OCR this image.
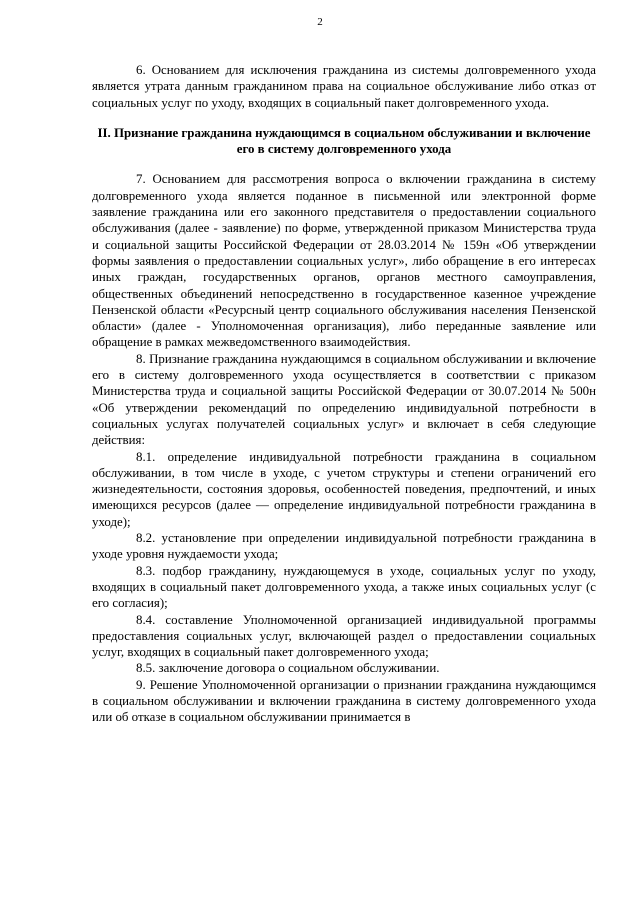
2

6. Основанием для исключения гражданина из системы долговременного ухода является утрата данным гражданином права на социальное обслуживание либо отказ от социальных услуг по уходу, входящих в социальный пакет долговременного ухода.

II. Признание гражданина нуждающимся в социальном обслуживании и включение его в систему долговременного ухода

7. Основанием для рассмотрения вопроса о включении гражданина в систему долговременного ухода является поданное в письменной или электронной форме заявление гражданина или его законного представителя о предоставлении социального обслуживания (далее - заявление) по форме, утвержденной приказом Министерства труда и социальной защиты Российской Федерации от 28.03.2014 № 159н «Об утверждении формы заявления о предоставлении социальных услуг», либо обращение в его интересах иных граждан, государственных органов, органов местного самоуправления, общественных объединений непосредственно в государственное казенное учреждение Пензенской области «Ресурсный центр социального обслуживания населения Пензенской области» (далее - Уполномоченная организация), либо переданные заявление или обращение в рамках межведомственного взаимодействия.

8. Признание гражданина нуждающимся в социальном обслуживании и включение его в систему долговременного ухода осуществляется в соответствии с приказом Министерства труда и социальной защиты Российской Федерации от 30.07.2014 № 500н «Об утверждении рекомендаций по определению индивидуальной потребности в социальных услугах получателей социальных услуг» и включает в себя следующие действия:

8.1. определение индивидуальной потребности гражданина в социальном обслуживании, в том числе в уходе, с учетом структуры и степени ограничений его жизнедеятельности, состояния здоровья, особенностей поведения, предпочтений, и иных имеющихся ресурсов (далее — определение индивидуальной потребности гражданина в уходе);

8.2. установление при определении индивидуальной потребности гражданина в уходе уровня нуждаемости ухода;

8.3. подбор гражданину, нуждающемуся в уходе, социальных услуг по уходу, входящих в социальный пакет долговременного ухода, а также иных социальных услуг (с его согласия);

8.4. составление Уполномоченной организацией индивидуальной программы предоставления социальных услуг, включающей раздел о предоставлении социальных услуг, входящих в социальный пакет долговременного ухода;

8.5. заключение договора о социальном обслуживании.

9. Решение Уполномоченной организации о признании гражданина нуждающимся в социальном обслуживании и включении гражданина в систему долговременного ухода или об отказе в социальном обслуживании принимается в
